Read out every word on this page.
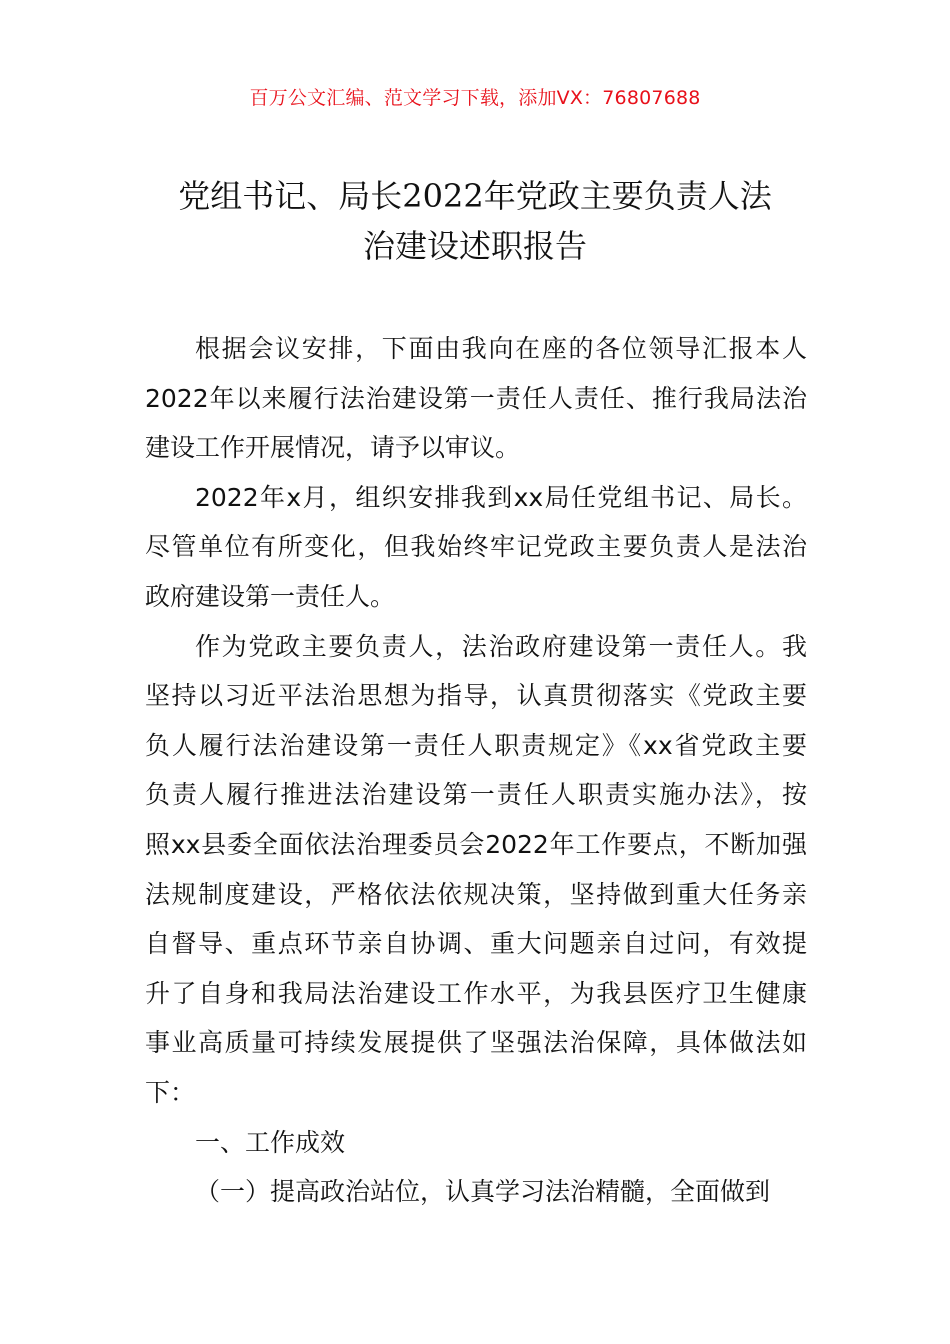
百万公文汇编、范文学习下载，添加VX：76807688
党组书记、局长2022年党政主要负责人法
治建设述职报告

根据会议安排，下面由我向在座的各位领导汇报本人
2022年以来履行法治建设第一责任人责任、推行我局法治
建设工作开展情况，请予以审议。

2022年x月，组织安排我到xx局任党组书记、局长。
尽管单位有所变化，但我始终牢记党政主要负责人是法治
政府建设第一责任人。

作为党政主要负责人，法治政府建设第一责任人。我
坚持以习近平法治思想为指导，认真贯彻落实《党政主要
负人履行法治建设第一责任人职责规定》《xx省党政主要
负责人履行推进法治建设第一责任人职责实施办法》，按
照xx县委全面依法治理委员会2022年工作要点，不断加强
法规制度建设，严格依法依规决策，坚持做到重大任务亲
自督导、重点环节亲自协调、重大问题亲自过问，有效提
升了自身和我局法治建设工作水平，为我县医疗卫生健康
事业高质量可持续发展提供了坚强法治保障，具体做法如
下：

一、工作成效

（一）提高政治站位，认真学习法治精髓，全面做到
